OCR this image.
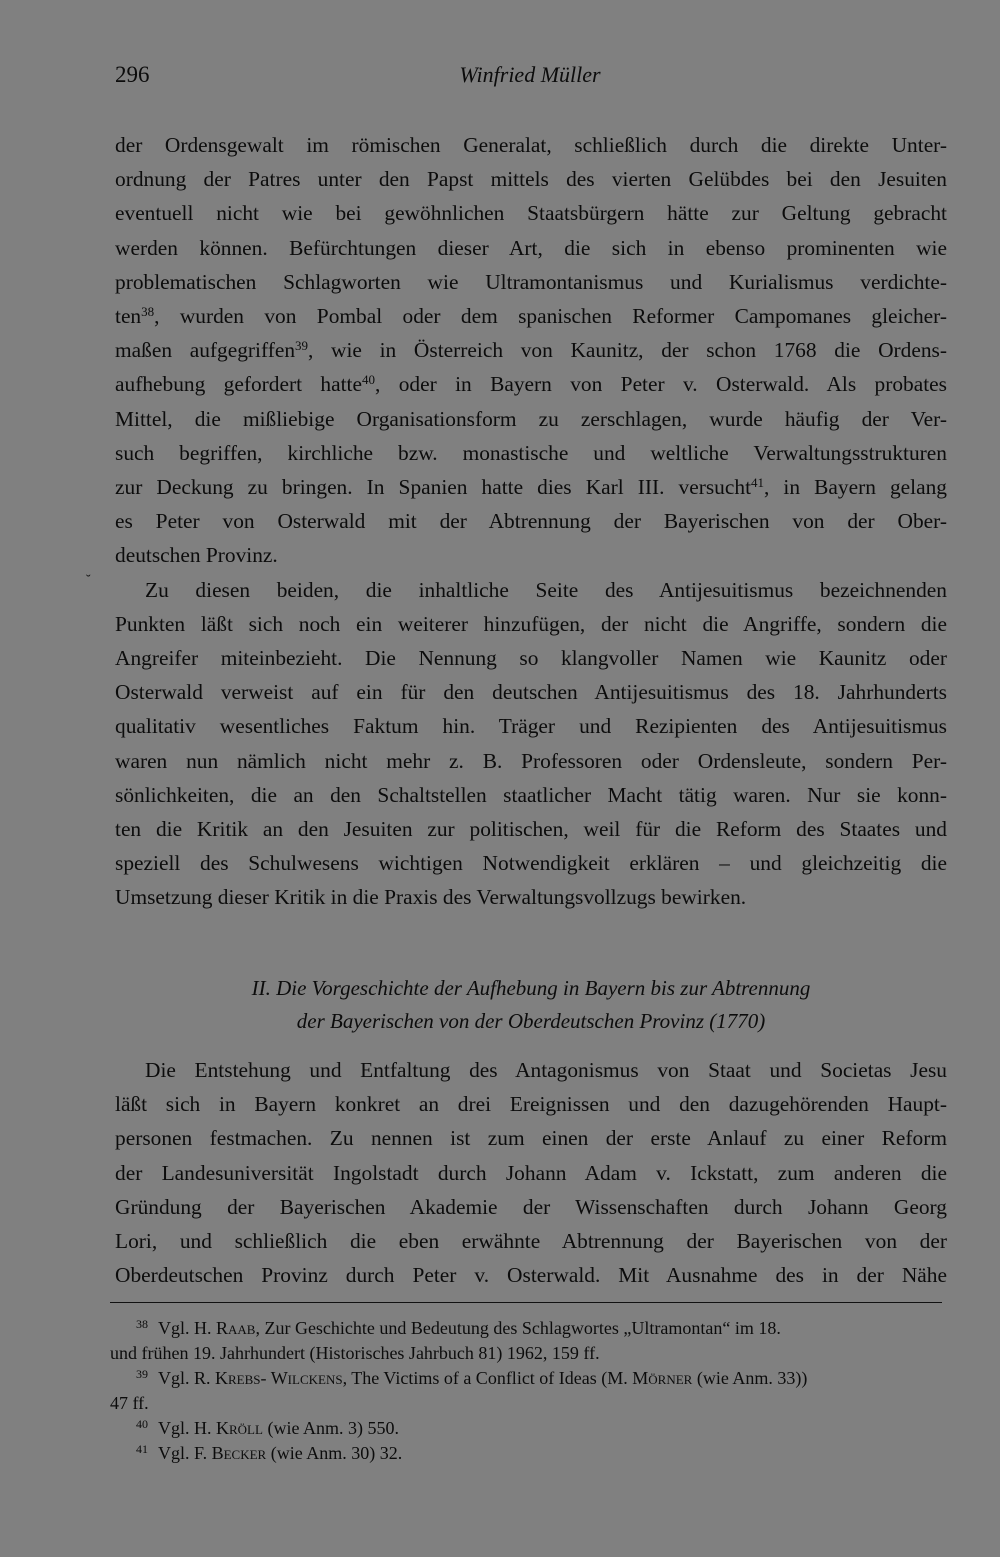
296	Winfried Müller
˘
der Ordensgewalt im römischen Generalat, schließlich durch die direkte Unter-
ordnung der Patres unter den Papst mittels des vierten Gelübdes bei den Jesuiten
eventuell nicht wie bei gewöhnlichen Staatsbürgern hätte zur Geltung gebracht
werden können. Befürchtungen dieser Art, die sich in ebenso prominenten wie
problematischen Schlagworten wie Ultramontanismus und Kurialismus verdichte-
ten$^{38}$, wurden von Pombal oder dem spanischen Reformer Campomanes gleicher-
maßen aufgegriffen$^{39}$, wie in Österreich von Kaunitz, der schon 1768 die Ordens-
aufhebung gefordert hatte$^{40}$, oder in Bayern von Peter v. Osterwald. Als probates
Mittel, die mißliebige Organisationsform zu zerschlagen, wurde häufig der Ver-
such begriffen, kirchliche bzw. monastische und weltliche Verwaltungsstrukturen
zur Deckung zu bringen. In Spanien hatte dies Karl III. versucht$^{41}$, in Bayern gelang
es Peter von Osterwald mit der Abtrennung der Bayerischen von der Ober-
deutschen Provinz.
Zu diesen beiden, die inhaltliche Seite des Antijesuitismus bezeichnenden
Punkten läßt sich noch ein weiterer hinzufügen, der nicht die Angriffe, sondern die
Angreifer miteinbezieht. Die Nennung so klangvoller Namen wie Kaunitz oder
Osterwald verweist auf ein für den deutschen Antijesuitismus des 18. Jahrhunderts
qualitativ wesentliches Faktum hin. Träger und Rezipienten des Antijesuitismus
waren nun nämlich nicht mehr z. B. Professoren oder Ordensleute, sondern Per-
sönlichkeiten, die an den Schaltstellen staatlicher Macht tätig waren. Nur sie konn-
ten die Kritik an den Jesuiten zur politischen, weil für die Reform des Staates und
speziell des Schulwesens wichtigen Notwendigkeit erklären – und gleichzeitig die
Umsetzung dieser Kritik in die Praxis des Verwaltungsvollzugs bewirken.
II. Die Vorgeschichte der Aufhebung in Bayern bis zur Abtrennung
der Bayerischen von der Oberdeutschen Provinz (1770)
Die Entstehung und Entfaltung des Antagonismus von Staat und Societas Jesu
läßt sich in Bayern konkret an drei Ereignissen und den dazugehörenden Haupt-
personen festmachen. Zu nennen ist zum einen der erste Anlauf zu einer Reform
der Landesuniversität Ingolstadt durch Johann Adam v. Ickstatt, zum anderen die
Gründung der Bayerischen Akademie der Wissenschaften durch Johann Georg
Lori, und schließlich die eben erwähnte Abtrennung der Bayerischen von der
Oberdeutschen Provinz durch Peter v. Osterwald. Mit Ausnahme des in der Nähe
38 Vgl. H. Raab, Zur Geschichte und Bedeutung des Schlagwortes „Ultramontan“ im 18.
und frühen 19. Jahrhundert (Historisches Jahrbuch 81) 1962, 159 ff.
39 Vgl. R. Krebs- Wilckens, The Victims of a Conflict of Ideas (M. Mörner (wie Anm. 33))
47 ff.
40 Vgl. H. Kröll (wie Anm. 3) 550.
41 Vgl. F. Becker (wie Anm. 30) 32.
